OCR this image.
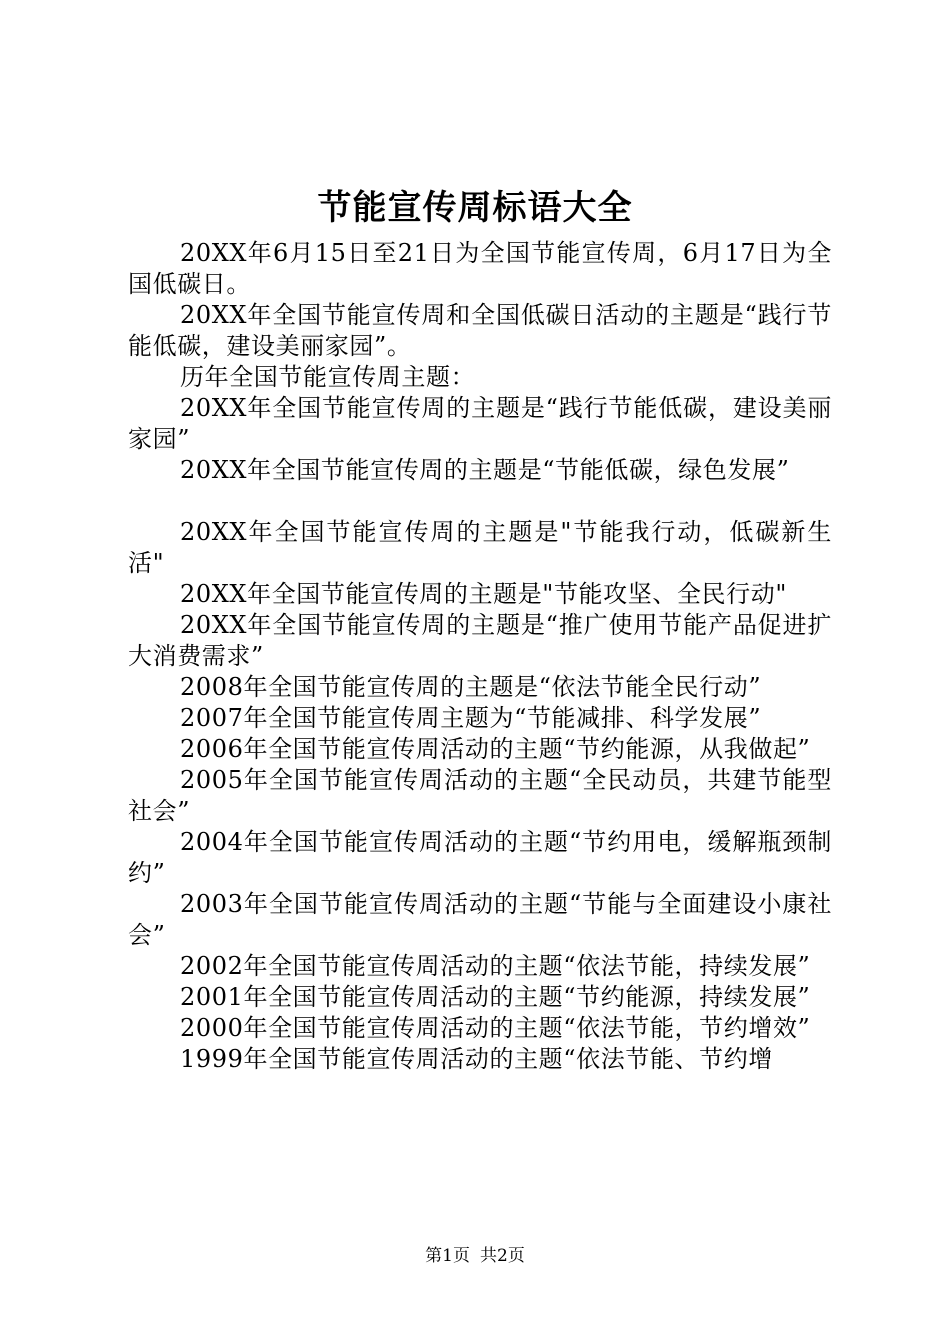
节能宣传周标语大全

20XX年6月15日至21日为全国节能宣传周，6月17日为全国低碳日。

20XX年全国节能宣传周和全国低碳日活动的主题是“践行节能低碳，建设美丽家园”。

历年全国节能宣传周主题：

20XX年全国节能宣传周的主题是“践行节能低碳，建设美丽家园”

20XX年全国节能宣传周的主题是“节能低碳，绿色发展”

20XX年全国节能宣传周的主题是"节能我行动，低碳新生活"

20XX年全国节能宣传周的主题是"节能攻坚、全民行动"

20XX年全国节能宣传周的主题是“推广使用节能产品促进扩大消费需求”

2008年全国节能宣传周的主题是“依法节能全民行动”

2007年全国节能宣传周主题为“节能减排、科学发展”

2006年全国节能宣传周活动的主题“节约能源，从我做起”

2005年全国节能宣传周活动的主题“全民动员，共建节能型社会”

2004年全国节能宣传周活动的主题“节约用电，缓解瓶颈制约”

2003年全国节能宣传周活动的主题“节能与全面建设小康社会”

2002年全国节能宣传周活动的主题“依法节能，持续发展”

2001年全国节能宣传周活动的主题“节约能源，持续发展”

2000年全国节能宣传周活动的主题“依法节能，节约增效”

1999年全国节能宣传周活动的主题“依法节能、节约增

第1页 共2页
